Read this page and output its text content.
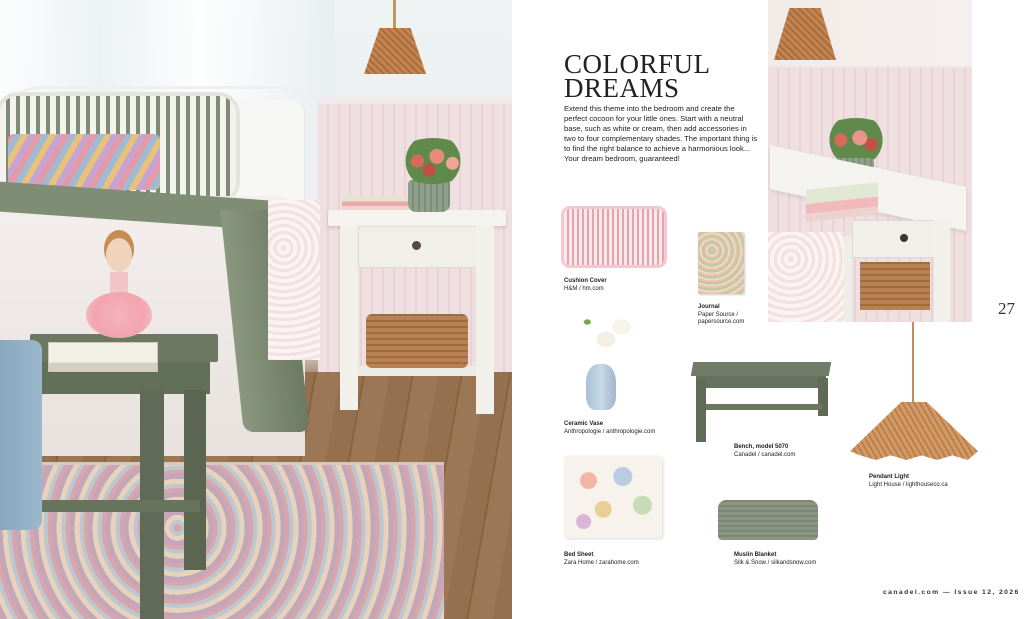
COLORFUL
DREAMS

Extend this theme into the bedroom and create the perfect cocoon for your little ones. Start with a neutral base, such as white or cream, then add accessories in two to four complementary shades. The important thing is to find the right balance to achieve a harmonious look... Your dream bedroom, guaranteed!

27
Cushion Cover
H&M / hm.com
Journal
Paper Source / papersource.com
Ceramic Vase
Anthropologie / anthropologie.com
Bench, model 5070
Canadel / canadel.com
Pendant Light
Light House / lighthouseco.ca
Bed Sheet
Zara Home / zarahome.com
Muslin Blanket
Silk & Snow / silkandsnow.com
canadel.com — Issue 12, 2026
